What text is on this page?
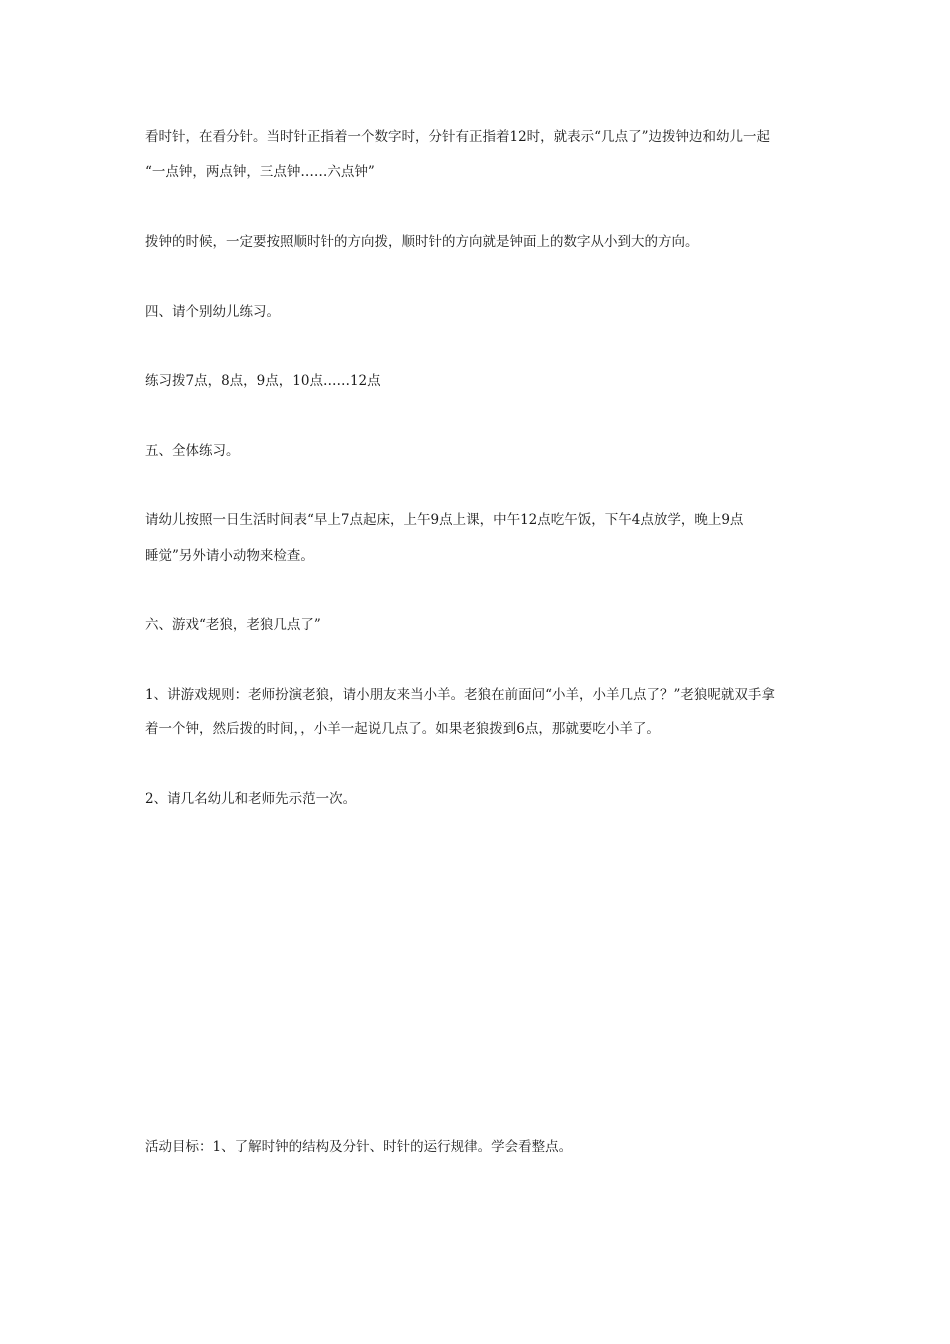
看时针，在看分针。当时针正指着一个数字时，分针有正指着12时，就表示“几点了”边拨钟边和幼儿一起
“一点钟，两点钟，三点钟……六点钟”
拨钟的时候，一定要按照顺时针的方向拨，顺时针的方向就是钟面上的数字从小到大的方向。
四、请个别幼儿练习。
练习拨7点，8点，9点，10点……12点
五、全体练习。
请幼儿按照一日生活时间表“早上7点起床，上午9点上课，中午12点吃午饭，下午4点放学，晚上9点
睡觉”另外请小动物来检查。
六、游戏“老狼，老狼几点了”
1、讲游戏规则：老师扮演老狼，请小朋友来当小羊。老狼在前面问“小羊，小羊几点了？”老狼呢就双手拿
着一个钟，然后拨的时间，，小羊一起说几点了。如果老狼拨到6点，那就要吃小羊了。
2、请几名幼儿和老师先示范一次。
活动目标：1、了解时钟的结构及分针、时针的运行规律。学会看整点。
